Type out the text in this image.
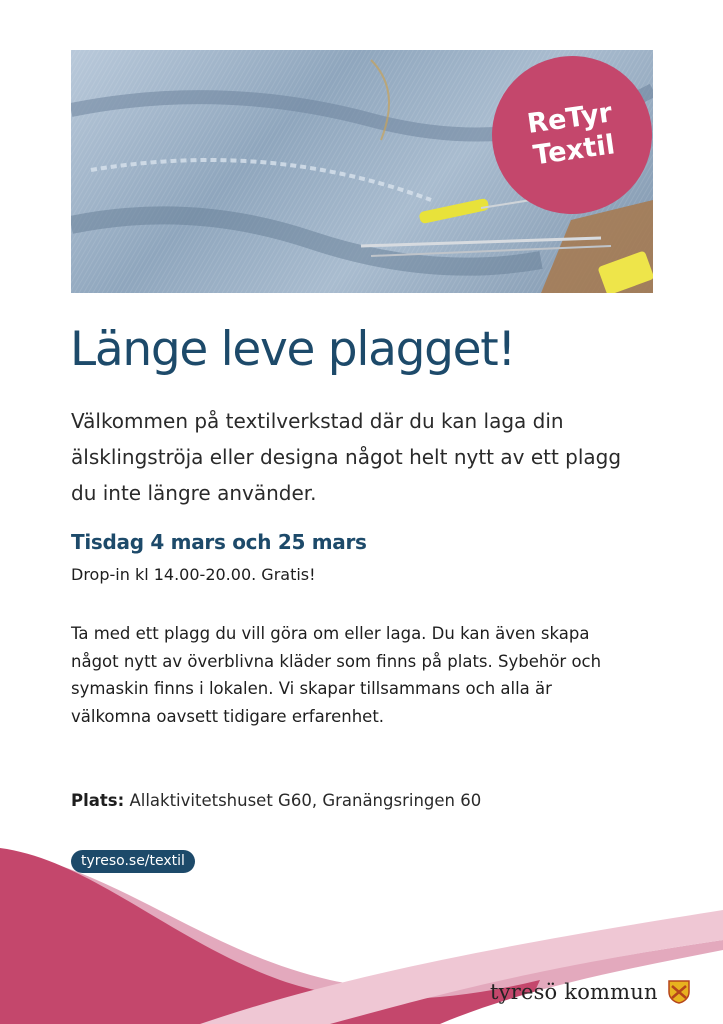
ReTyr
Textil
Länge leve plagget!

Välkommen på textilverkstad där du kan laga din älsklingströja eller designa något helt nytt av ett plagg du inte längre använder.

Tisdag 4 mars och 25 mars

Drop-in kl 14.00-20.00. Gratis!

Ta med ett plagg du vill göra om eller laga. Du kan även skapa något nytt av överblivna kläder som finns på plats. Sybehör och symaskin finns i lokalen. Vi skapar tillsammans och alla är välkomna oavsett tidigare erfarenhet.

Plats: Allaktivitetshuset G60, Granängsringen 60

tyreso.se/textil
tyresö kommun
